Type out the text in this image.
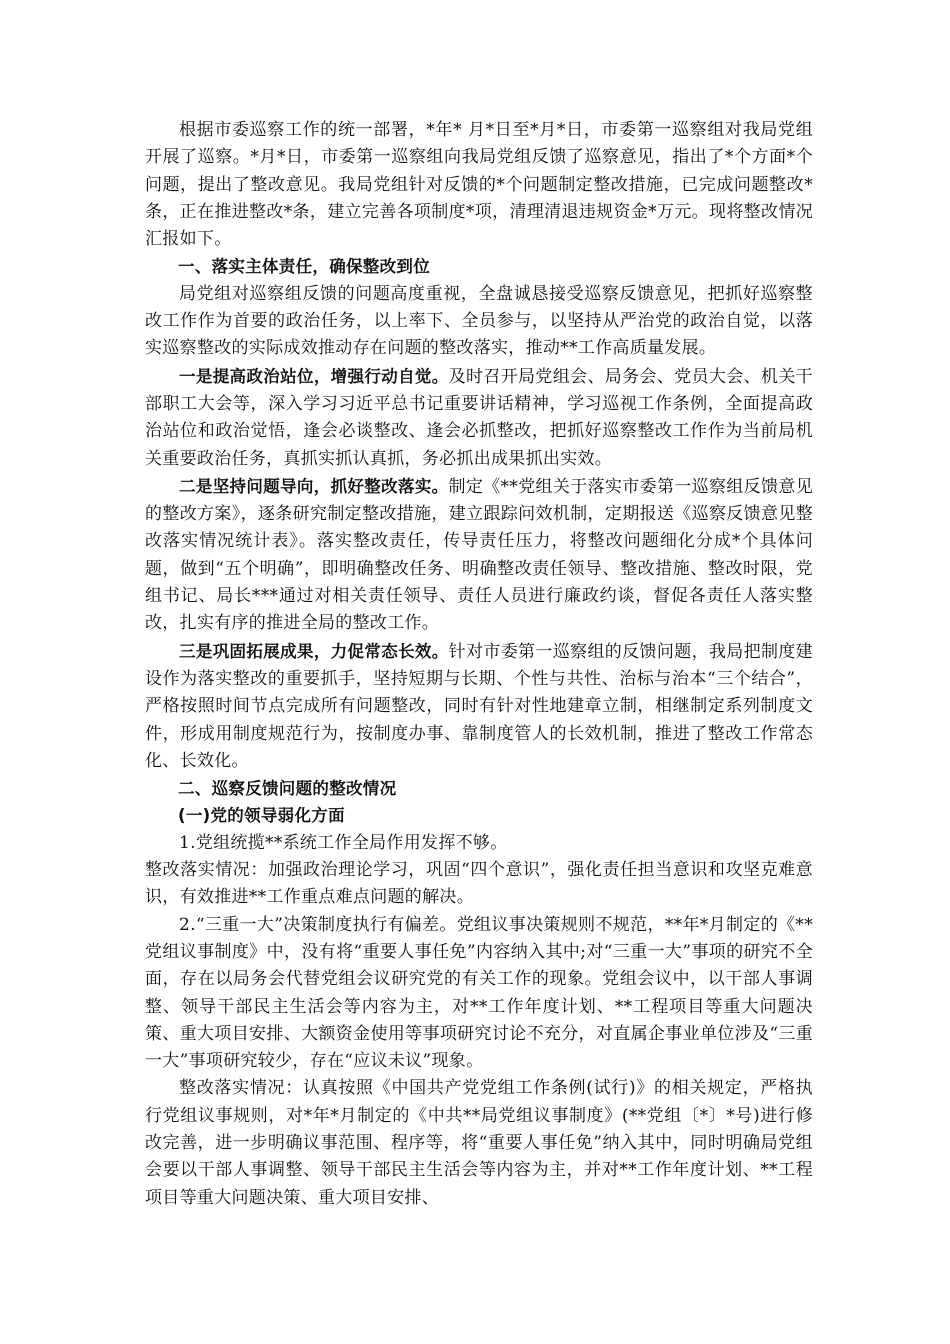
根据市委巡察工作的统一部署，*年* 月*日至*月*日，市委第一巡察组对我局党组开展了巡察。*月*日，市委第一巡察组向我局党组反馈了巡察意见，指出了*个方面*个问题，提出了整改意见。我局党组针对反馈的*个问题制定整改措施，已完成问题整改*条，正在推进整改*条，建立完善各项制度*项，清理清退违规资金*万元。现将整改情况汇报如下。

一、落实主体责任，确保整改到位

局党组对巡察组反馈的问题高度重视，全盘诚恳接受巡察反馈意见，把抓好巡察整改工作作为首要的政治任务，以上率下、全员参与，以坚持从严治党的政治自觉，以落实巡察整改的实际成效推动存在问题的整改落实，推动**工作高质量发展。

一是提高政治站位，增强行动自觉。及时召开局党组会、局务会、党员大会、机关干部职工大会等，深入学习习近平总书记重要讲话精神，学习巡视工作条例，全面提高政治站位和政治觉悟，逢会必谈整改、逢会必抓整改，把抓好巡察整改工作作为当前局机关重要政治任务，真抓实抓认真抓，务必抓出成果抓出实效。

二是坚持问题导向，抓好整改落实。制定《**党组关于落实市委第一巡察组反馈意见的整改方案》，逐条研究制定整改措施，建立跟踪问效机制，定期报送《巡察反馈意见整改落实情况统计表》。落实整改责任，传导责任压力，将整改问题细化分成*个具体问题，做到“五个明确”，即明确整改任务、明确整改责任领导、整改措施、整改时限，党组书记、局长***通过对相关责任领导、责任人员进行廉政约谈，督促各责任人落实整改，扎实有序的推进全局的整改工作。

三是巩固拓展成果，力促常态长效。针对市委第一巡察组的反馈问题，我局把制度建设作为落实整改的重要抓手，坚持短期与长期、个性与共性、治标与治本“三个结合”，严格按照时间节点完成所有问题整改，同时有针对性地建章立制，相继制定系列制度文件，形成用制度规范行为，按制度办事、靠制度管人的长效机制，推进了整改工作常态化、长效化。

二、巡察反馈问题的整改情况

(一)党的领导弱化方面

1.党组统揽**系统工作全局作用发挥不够。

整改落实情况：加强政治理论学习，巩固“四个意识”，强化责任担当意识和攻坚克难意识，有效推进**工作重点难点问题的解决。

2.“三重一大”决策制度执行有偏差。党组议事决策规则不规范，**年*月制定的《**党组议事制度》中，没有将“重要人事任免”内容纳入其中;对“三重一大”事项的研究不全面，存在以局务会代替党组会议研究党的有关工作的现象。党组会议中，以干部人事调整、领导干部民主生活会等内容为主，对**工作年度计划、**工程项目等重大问题决策、重大项目安排、大额资金使用等事项研究讨论不充分，对直属企事业单位涉及“三重一大”事项研究较少，存在“应议未议”现象。

整改落实情况：认真按照《中国共产党党组工作条例(试行)》的相关规定，严格执行党组议事规则，对*年*月制定的《中共**局党组议事制度》(**党组〔*〕*号)进行修改完善，进一步明确议事范围、程序等，将“重要人事任免”纳入其中，同时明确局党组会要以干部人事调整、领导干部民主生活会等内容为主，并对**工作年度计划、**工程项目等重大问题决策、重大项目安排、
